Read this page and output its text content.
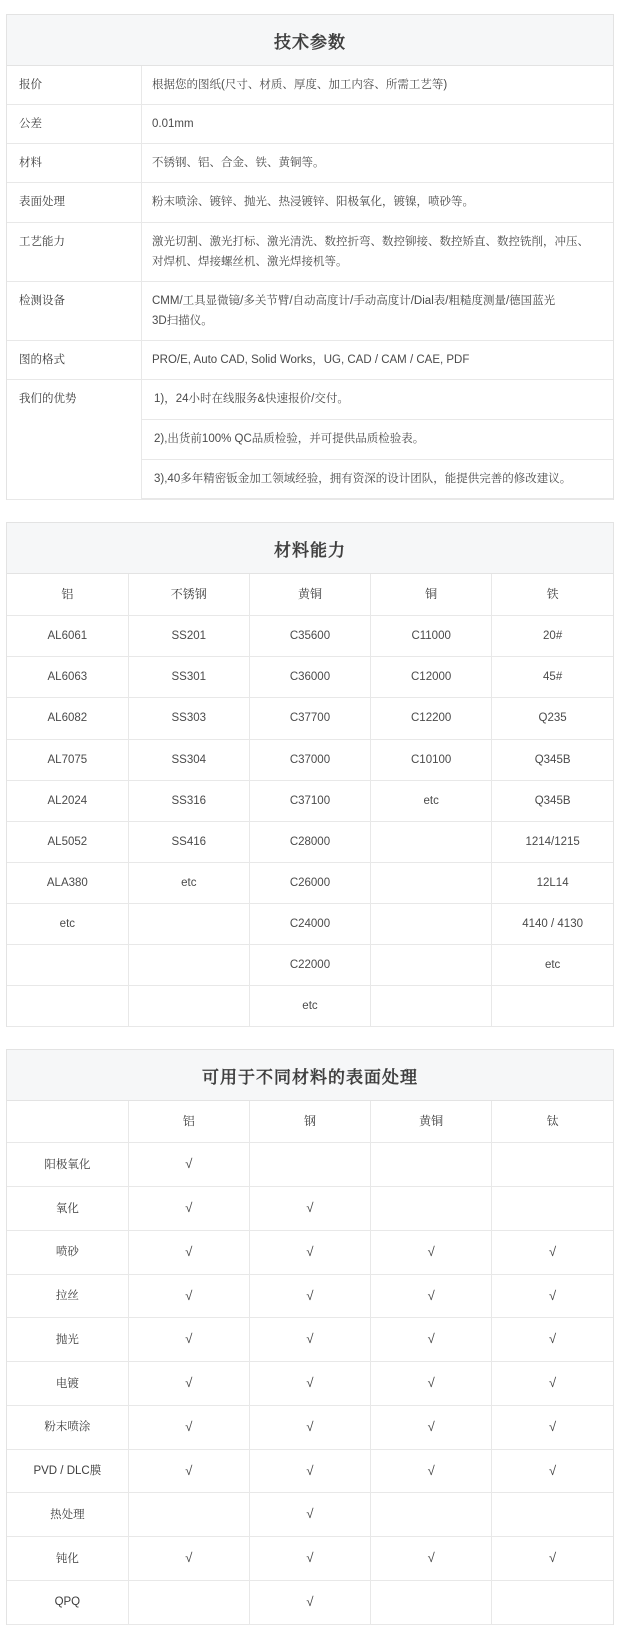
技术参数
报价	根据您的图纸(尺寸、材质、厚度、加工内容、所需工艺等)

公差	0.01mm

材料	不锈钢、铝、合金、铁、黄铜等。

表面处理	粉末喷涂、镀锌、抛光、热浸镀锌、阳极氧化，镀镍，喷砂等。

工艺能力	激光切割、激光打标、激光清洗、数控折弯、数控铆接、数控矫直、数控铣削，冲压、
对焊机、焊接螺丝机、激光焊接机等。

检测设备	CMM/工具显微镜/多关节臂/自动高度计/手动高度计/Dial表/粗糙度测量/德国蓝光
3D扫描仪。

图的格式	PRO/E, Auto CAD, Solid Works，UG, CAD / CAM / CAE, PDF

我们的优势	1)，24小时在线服务&快速报价/交付。
2),出货前100% QC品质检验，并可提供品质检验表。
3),40多年精密钣金加工领域经验，拥有资深的设计团队，能提供完善的修改建议。
材料能力
铝	不锈钢	黄铜	铜	铁
AL6061	SS201	C35600	C11000	20#
AL6063	SS301	C36000	C12000	45#
AL6082	SS303	C37700	C12200	Q235
AL7075	SS304	C37000	C10100	Q345B
AL2024	SS316	C37100	etc	Q345B
AL5052	SS416	C28000		1214/1215
ALA380	etc	C26000		12L14
etc		C24000		4140 / 4130
		C22000		etc
		etc		
可用于不同材料的表面处理
	铝	钢	黄铜	钛
阳极氧化	√			
氧化	√	√		
喷砂	√	√	√	√
拉丝	√	√	√	√
抛光	√	√	√	√
电镀	√	√	√	√
粉末喷涂	√	√	√	√
PVD / DLC膜	√	√	√	√
热处理		√		
钝化	√	√	√	√
QPQ		√		
